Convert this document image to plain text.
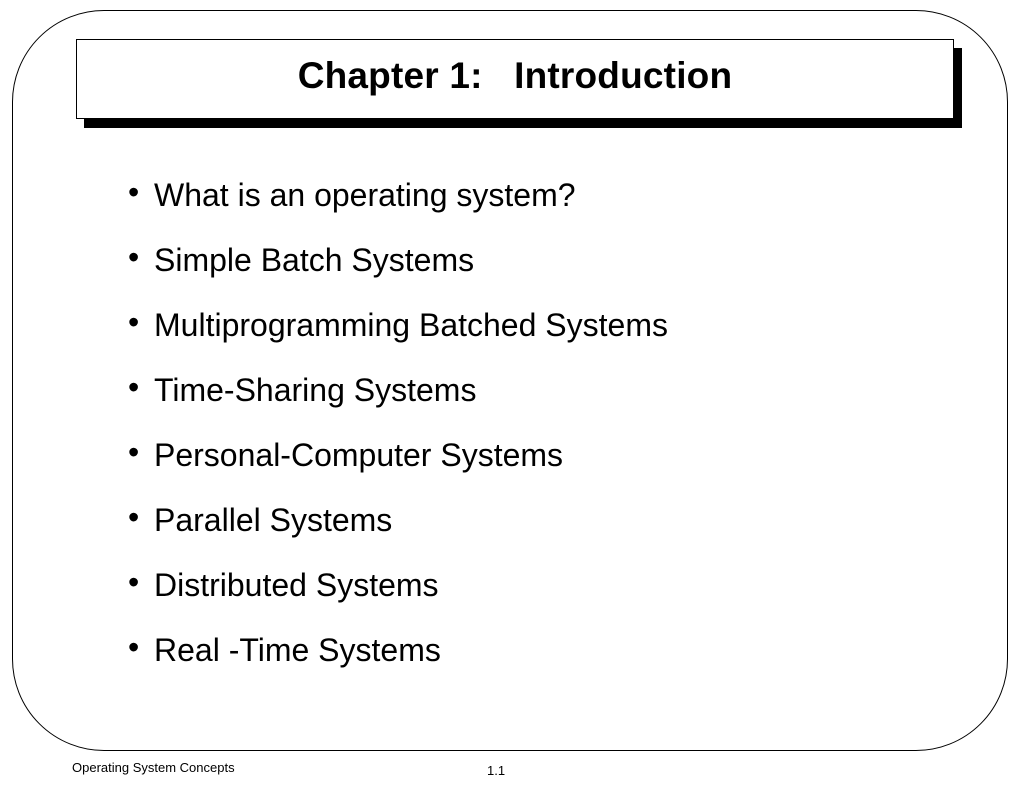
Chapter 1:   Introduction
• What is an operating system?
• Simple Batch Systems
• Multiprogramming Batched Systems
• Time-Sharing Systems
• Personal-Computer Systems
• Parallel Systems
• Distributed Systems
• Real -Time Systems
Operating System Concepts	1.1
